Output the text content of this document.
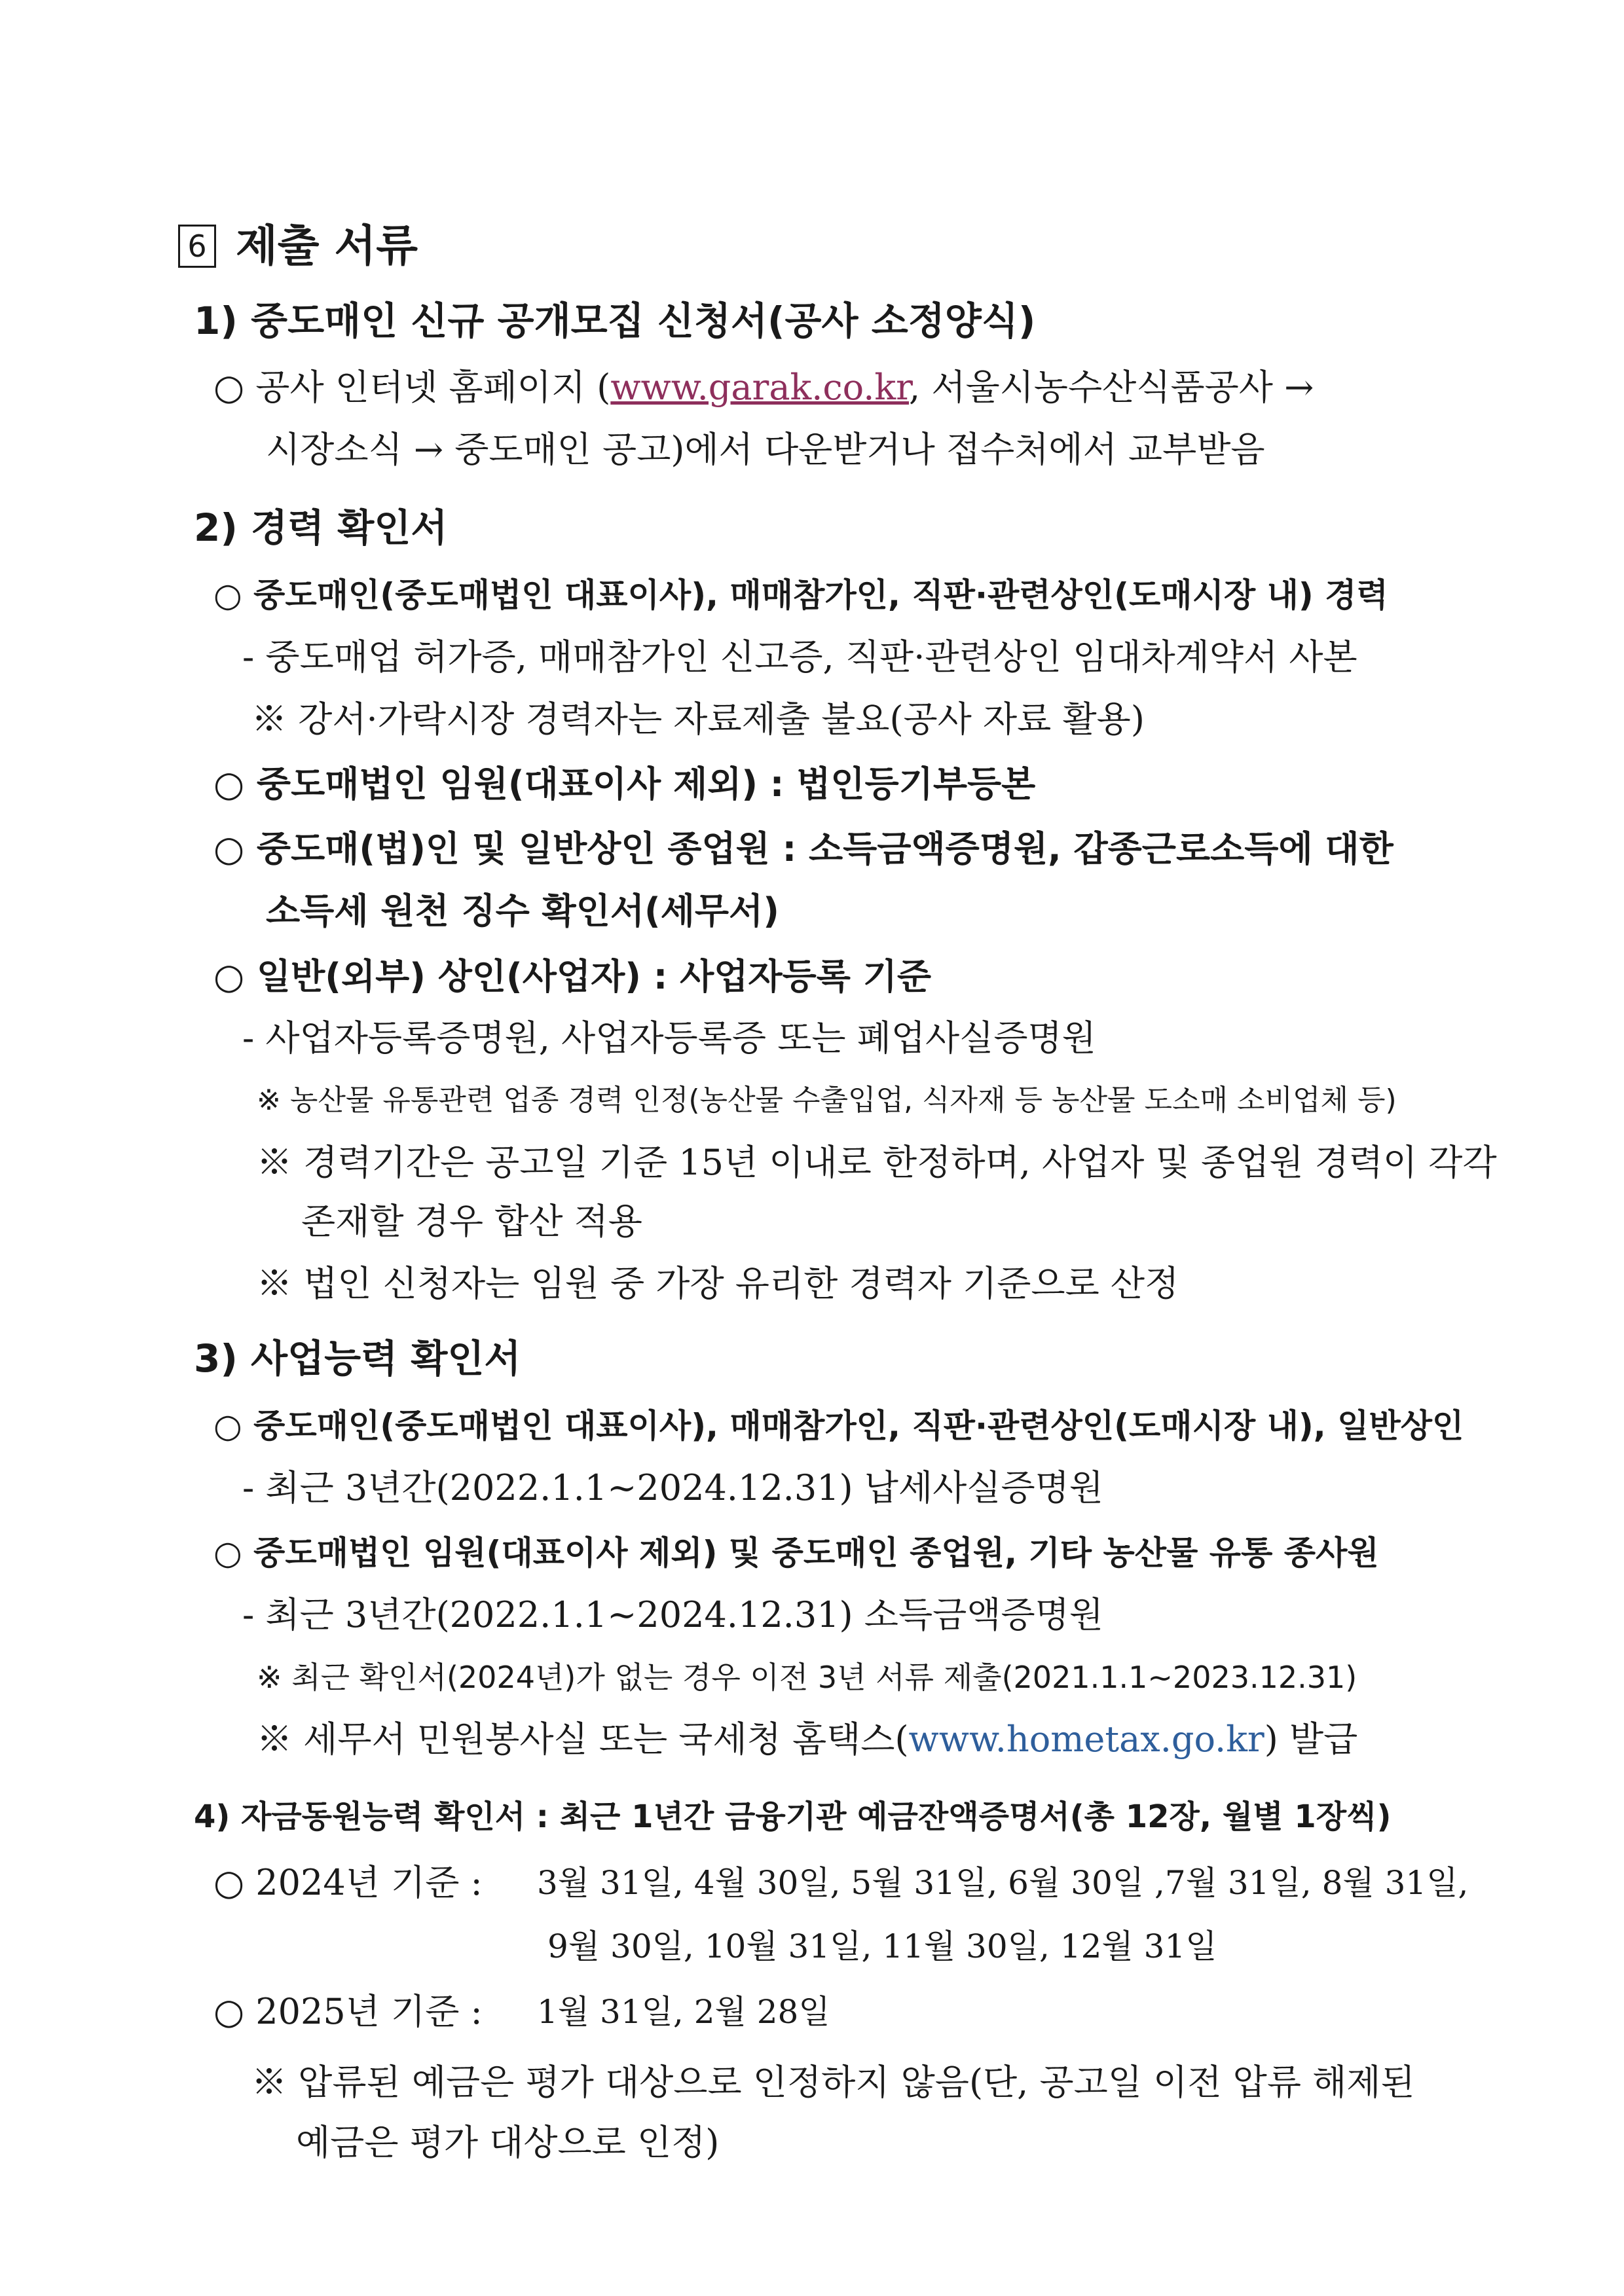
6 제출 서류
1) 중도매인 신규 공개모집 신청서(공사 소정양식)
○ 공사 인터넷 홈페이지 (www.garak.co.kr, 서울시농수산식품공사 →
시장소식 → 중도매인 공고)에서 다운받거나 접수처에서 교부받음
2) 경력 확인서
○ 중도매인(중도매법인 대표이사), 매매참가인, 직판·관련상인(도매시장 내) 경력
- 중도매업 허가증, 매매참가인 신고증, 직판·관련상인 임대차계약서 사본
※ 강서·가락시장 경력자는 자료제출 불요(공사 자료 활용)
○ 중도매법인 임원(대표이사 제외) : 법인등기부등본
○ 중도매(법)인 및 일반상인 종업원 : 소득금액증명원, 갑종근로소득에 대한
소득세 원천 징수 확인서(세무서)
○ 일반(외부) 상인(사업자) : 사업자등록 기준
- 사업자등록증명원, 사업자등록증 또는 폐업사실증명원
※ 농산물 유통관련 업종 경력 인정(농산물 수출입업, 식자재 등 농산물 도소매 소비업체 등)
※ 경력기간은 공고일 기준 15년 이내로 한정하며, 사업자 및 종업원 경력이 각각
존재할 경우 합산 적용
※ 법인 신청자는 임원 중 가장 유리한 경력자 기준으로 산정
3) 사업능력 확인서
○ 중도매인(중도매법인 대표이사), 매매참가인, 직판·관련상인(도매시장 내), 일반상인
- 최근 3년간(2022.1.1~2024.12.31) 납세사실증명원
○ 중도매법인 임원(대표이사 제외) 및 중도매인 종업원, 기타 농산물 유통 종사원
- 최근 3년간(2022.1.1~2024.12.31) 소득금액증명원
※ 최근 확인서(2024년)가 없는 경우 이전 3년 서류 제출(2021.1.1~2023.12.31)
※ 세무서 민원봉사실 또는 국세청 홈택스(www.hometax.go.kr) 발급
4) 자금동원능력 확인서 : 최근 1년간 금융기관 예금잔액증명서(총 12장, 월별 1장씩)
○ 2024년 기준 : 3월 31일, 4월 30일, 5월 31일, 6월 30일 ,7월 31일, 8월 31일,
9월 30일, 10월 31일, 11월 30일, 12월 31일
○ 2025년 기준 : 1월 31일, 2월 28일
※ 압류된 예금은 평가 대상으로 인정하지 않음(단, 공고일 이전 압류 해제된
예금은 평가 대상으로 인정)
